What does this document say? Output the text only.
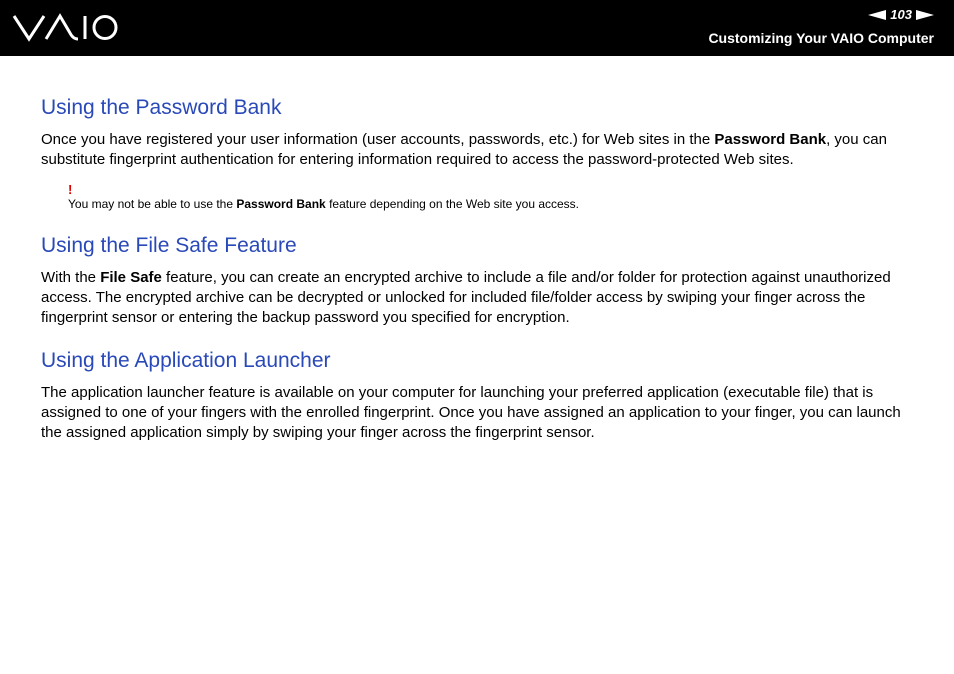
103
Customizing Your VAIO Computer
Using the Password Bank

Once you have registered your user information (user accounts, passwords, etc.) for Web sites in the Password Bank, you can substitute fingerprint authentication for entering information required to access the password-protected Web sites.

!
You may not be able to use the Password Bank feature depending on the Web site you access.
Using the File Safe Feature

With the File Safe feature, you can create an encrypted archive to include a file and/or folder for protection against unauthorized access. The encrypted archive can be decrypted or unlocked for included file/folder access by swiping your finger across the fingerprint sensor or entering the backup password you specified for encryption.

Using the Application Launcher

The application launcher feature is available on your computer for launching your preferred application (executable file) that is assigned to one of your fingers with the enrolled fingerprint. Once you have assigned an application to your finger, you can launch the assigned application simply by swiping your finger across the fingerprint sensor.
